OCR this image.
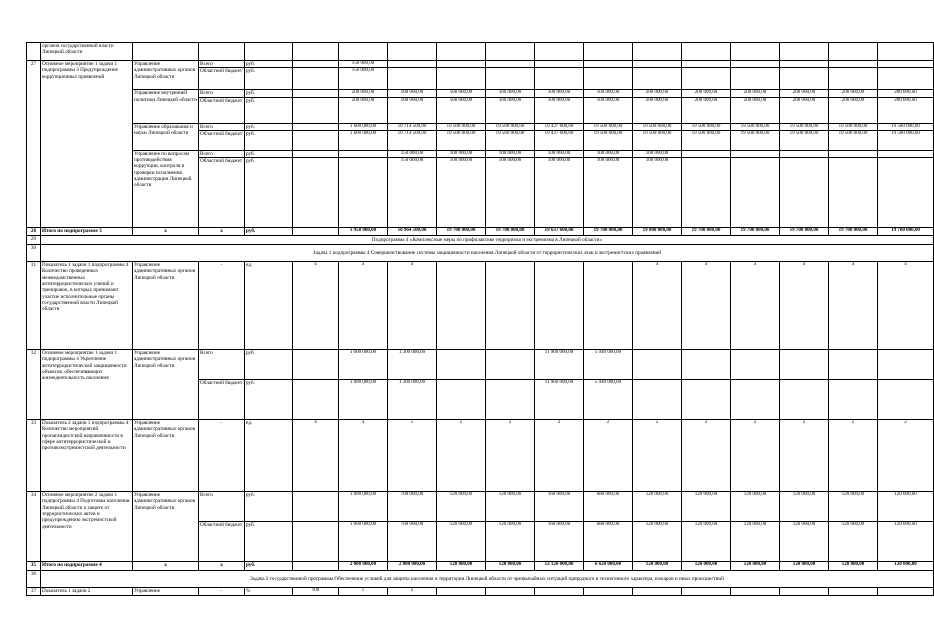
	органов государственной власти Липецкой области																
27	Основное мероприятие 1 задачи 1 подпрограммы 3 Предупреждение коррупционных проявлений	Управление административных органов Липецкой области	Всего	руб.		150 000,00											
			Областной бюджет	руб.		150 000,00											
		Управление внутренней политики Липецкой области	Всего	руб.		200 000,00	100 000,00	100 000,00	100 000,00	100 000,00	100 000,00	200 000,00	200 000,00	200 000,00	200 000,00	200 000,00	200 000,00
			Областной бюджет	руб.		200 000,00	100 000,00	100 000,00	100 000,00	100 000,00	100 000,00	200 000,00	200 000,00	200 000,00	200 000,00	200 000,00	200 000,00
		Управление образования и науки Липецкой области	Всего	руб.		1 600 000,00	10 714 500,00	19 500 000,00	19 500 000,00	19 437 600,00	19 500 000,00	19 500 000,00	19 500 000,00	19 500 000,00	19 500 000,00	19 500 000,00	19 500 000,00
			Областной бюджет	руб.		1 600 000,00	10 714 500,00	19 500 000,00	19 500 000,00	19 437 600,00	19 500 000,00	19 500 000,00	19 500 000,00	19 500 000,00	19 500 000,00	19 500 000,00	19 500 000,00
		Управление по вопросам противодействия коррупции, контроля и проверки исполнения администрации Липецкой области	Всего	руб.			150 000,00	100 000,00	100 000,00	100 000,00	100 000,00	100 000,00					
			Областной бюджет	руб.			150 000,00	100 000,00	100 000,00	100 000,00	100 000,00	100 000,00					
28	Итого по подпрограмме 3	х	х	руб.		1 950 000,00	10 964 500,00	19 700 000,00	19 700 000,00	19 637 600,00	19 700 000,00	19 800 000,00	19 700 000,00	19 700 000,00	19 700 000,00	19 700 000,00	19 700 000,00
29	Подпрограмма 4 «Комплексные меры по профилактике терроризма и экстремизма в Липецкой области»																
30	Задача 1 подпрограммы 4 Совершенствование системы защищенности населения Липецкой области от террористических атак и экстремистских проявлений																
31	Показатель 1 задачи 1 подпрограммы 4 Количество проведенных межведомственных антитеррористических учений и тренировок, в которых принимают участие исполнительные органы государственной власти Липецкой области	Управление административных органов Липецкой области	-	ед.	4	4	4					4	4	4	4	4	4
32	Основное мероприятие 1 задачи 1 подпрограммы 4 Укрепление антитеррористической защищенности объектов, обеспечивающих жизнедеятельность населения	Управление административных органов Липецкой области	Всего	руб.		1 000 000,00	1 300 000,00			11 960 000,00	5 940 000,00						
			Областной бюджет	руб.		1 000 000,00	1 300 000,00			11 960 000,00	5 940 000,00						
33	Показатель 2 задачи 1 подпрограммы 4 Количество мероприятий пропагандистской направленности в сфере антитеррористической и противоэкстремистской деятельности	Управление административных органов Липецкой области	-	ед.	4	4	5	2	2	2	2	2	2	2	2	2	2
34	Основное мероприятие 2 задачи 1 подпрограммы 4 Подготовка населения Липецкой области к защите от террористических актов и предупреждению экстремистской деятельности	Управление административных органов Липецкой области	Всего	руб.		1 000 000,00	700 000,00	120 000,00	120 000,00	160 000,00	680 000,00	120 000,00	120 000,00	120 000,00	120 000,00	120 000,00	120 000,00
			Областной бюджет	руб.		1 000 000,00	700 000,00	120 000,00	120 000,00	160 000,00	680 000,00	120 000,00	120 000,00	120 000,00	120 000,00	120 000,00	120 000,00
35	Итого по подпрограмме 4	х	х	руб.		2 000 000,00	2 000 000,00	120 000,00	120 000,00	12 120 000,00	6 620 000,00	120 000,00	120 000,00	120 000,00	120 000,00	120 000,00	120 000,00
36	Задача 2 государственной программы Обеспечение условий для защиты населения и территории Липецкой области от чрезвычайных ситуаций природного и техногенного характера, пожаров и иных происшествий																
37	Показатель 1 задачи 2	Управление	-	%	100	1	2										
